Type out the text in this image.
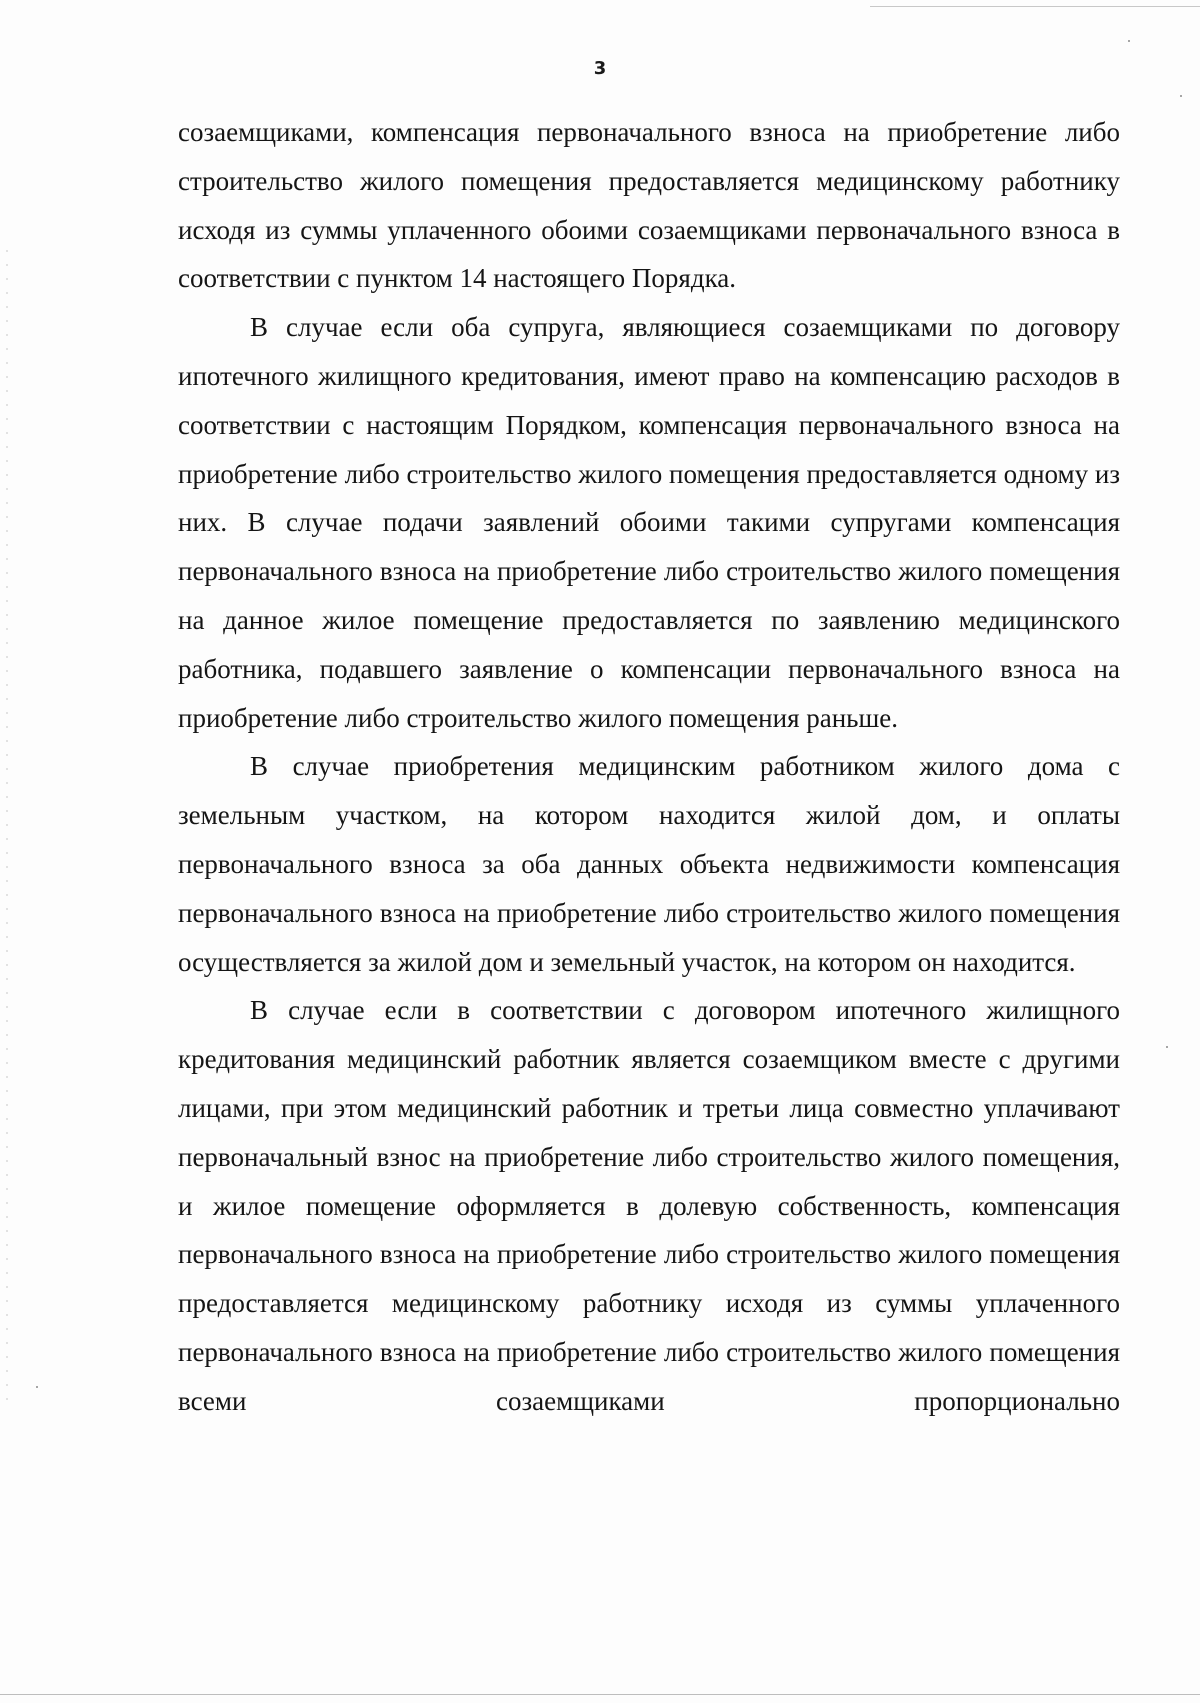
3

созаемщиками, компенсация первоначального взноса на приобретение либо строительство жилого помещения предоставляется медицинскому работнику исходя из суммы уплаченного обоими созаемщиками первоначального взноса в соответствии с пунктом 14 настоящего Порядка.

В случае если оба супруга, являющиеся созаемщиками по договору ипотечного жилищного кредитования, имеют право на компенсацию расходов в соответствии с настоящим Порядком, компенсация первоначального взноса на приобретение либо строительство жилого помещения предоставляется одному из них. В случае подачи заявлений обоими такими супругами компенсация первоначального взноса на приобретение либо строительство жилого помещения на данное жилое помещение предоставляется по заявлению медицинского работника, подавшего заявление о компенсации первоначального взноса на приобретение либо строительство жилого помещения раньше.

В случае приобретения медицинским работником жилого дома с земельным участком, на котором находится жилой дом, и оплаты первоначального взноса за оба данных объекта недвижимости компенсация первоначального взноса на приобретение либо строительство жилого помещения осуществляется за жилой дом и земельный участок, на котором он находится.

В случае если в соответствии с договором ипотечного жилищного кредитования медицинский работник является созаемщиком вместе с другими лицами, при этом медицинский работник и третьи лица совместно уплачивают первоначальный взнос на приобретение либо строительство жилого помещения, и жилое помещение оформляется в долевую собственность, компенсация первоначального взноса на приобретение либо строительство жилого помещения предоставляется медицинскому работнику исходя из суммы уплаченного первоначального взноса на приобретение либо строительство жилого помещения всеми созаемщиками пропорционально
